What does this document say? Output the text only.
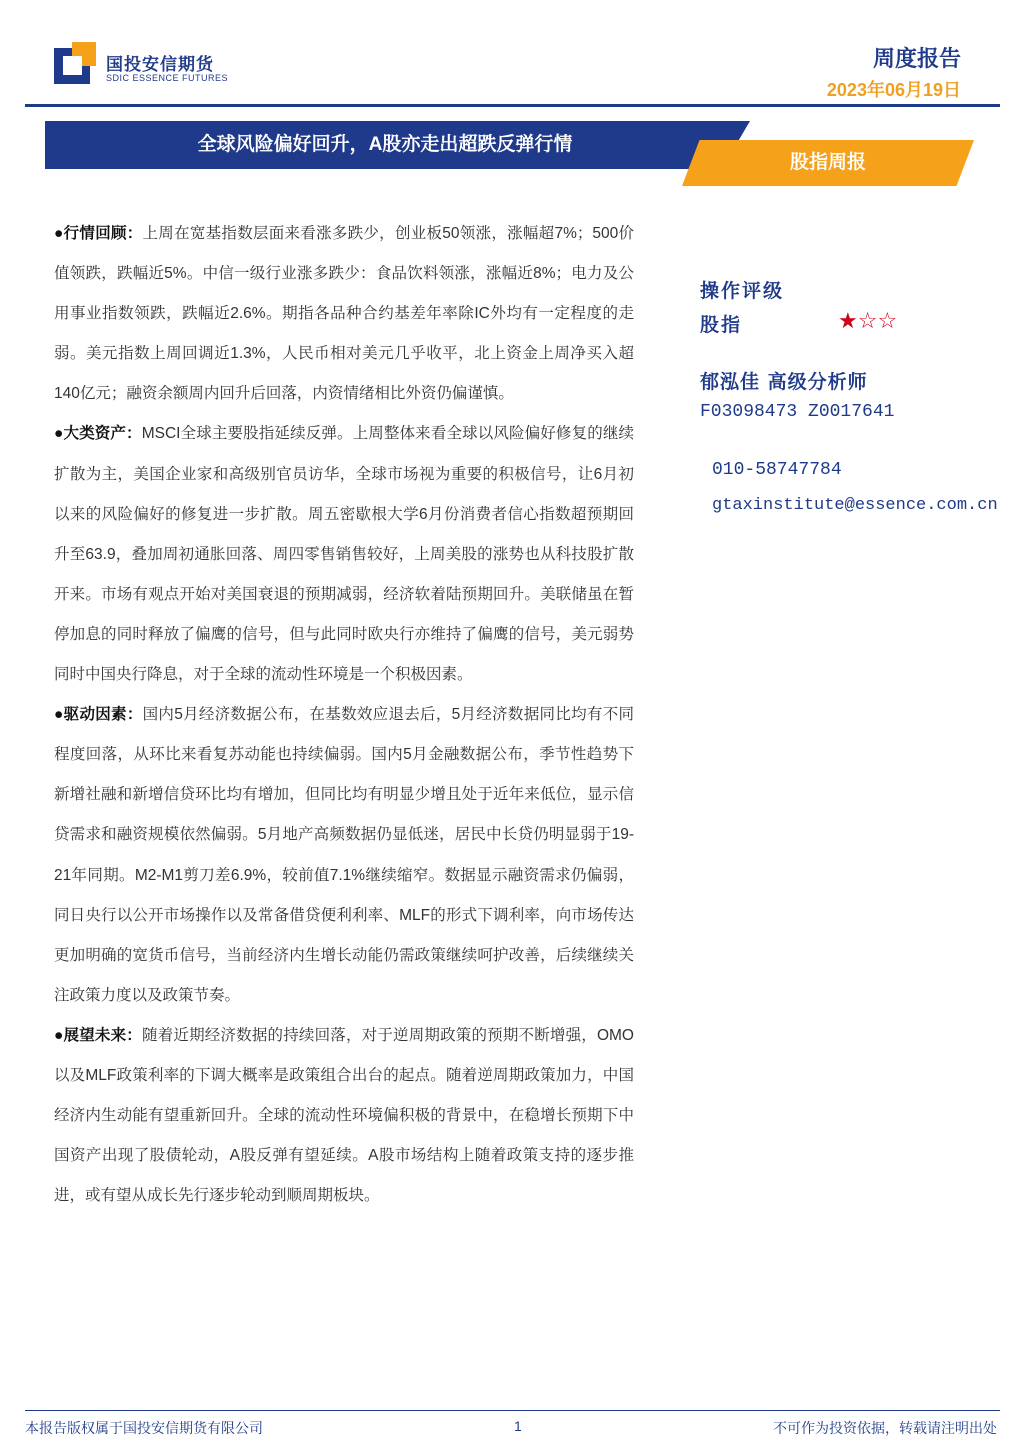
国投安信期货
SDIC ESSENCE FUTURES
周度报告
2023年06月19日
全球风险偏好回升，A股亦走出超跌反弹行情
股指周报

●行情回顾：上周在宽基指数层面来看涨多跌少，创业板50领涨，涨幅超7%；500价值领跌，跌幅近5%。中信一级行业涨多跌少：食品饮料领涨，涨幅近8%；电力及公用事业指数领跌，跌幅近2.6%。期指各品种合约基差年率除IC外均有一定程度的走弱。美元指数上周回调近1.3%，人民币相对美元几乎收平，北上资金上周净买入超140亿元；融资余额周内回升后回落，内资情绪相比外资仍偏谨慎。

●大类资产：MSCI全球主要股指延续反弹。上周整体来看全球以风险偏好修复的继续扩散为主，美国企业家和高级别官员访华，全球市场视为重要的积极信号，让6月初以来的风险偏好的修复进一步扩散。周五密歇根大学6月份消费者信心指数超预期回升至63.9，叠加周初通胀回落、周四零售销售较好，上周美股的涨势也从科技股扩散开来。市场有观点开始对美国衰退的预期减弱，经济软着陆预期回升。美联储虽在暂停加息的同时释放了偏鹰的信号，但与此同时欧央行亦维持了偏鹰的信号，美元弱势同时中国央行降息，对于全球的流动性环境是一个积极因素。

●驱动因素：国内5月经济数据公布，在基数效应退去后，5月经济数据同比均有不同程度回落，从环比来看复苏动能也持续偏弱。国内5月金融数据公布，季节性趋势下新增社融和新增信贷环比均有增加，但同比均有明显少增且处于近年来低位，显示信贷需求和融资规模依然偏弱。5月地产高频数据仍显低迷，居民中长贷仍明显弱于19-21年同期。M2-M1剪刀差6.9%，较前值7.1%继续缩窄。数据显示融资需求仍偏弱，同日央行以公开市场操作以及常备借贷便利利率、MLF的形式下调利率，向市场传达更加明确的宽货币信号，当前经济内生增长动能仍需政策继续呵护改善，后续继续关注政策力度以及政策节奏。

●展望未来：随着近期经济数据的持续回落，对于逆周期政策的预期不断增强，OMO以及MLF政策利率的下调大概率是政策组合出台的起点。随着逆周期政策加力，中国经济内生动能有望重新回升。全球的流动性环境偏积极的背景中，在稳增长预期下中国资产出现了股债轮动，A股反弹有望延续。A股市场结构上随着政策支持的逐步推进，或有望从成长先行逐步轮动到顺周期板块。

操作评级
股指	★☆☆
郁泓佳 高级分析师
F03098473 Z0017641
010-58747784
gtaxinstitute@essence.com.cn
本报告版权属于国投安信期货有限公司	1	不可作为投资依据，转载请注明出处
